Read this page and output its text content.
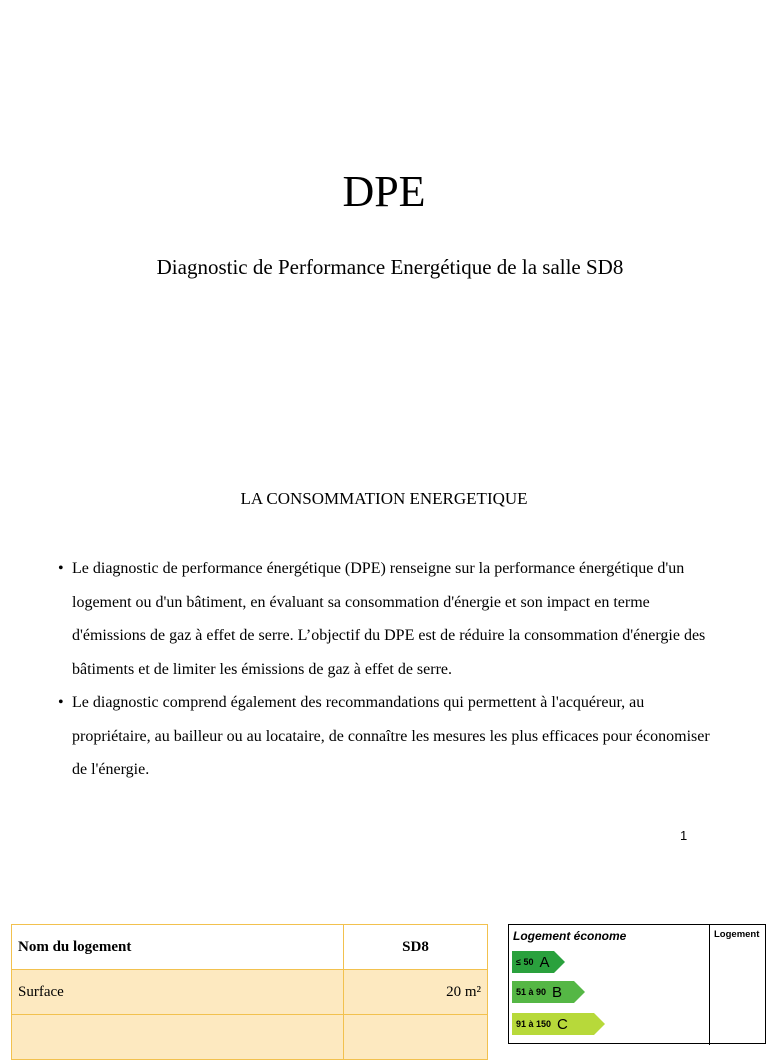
DPE
Diagnostic de Performance Energétique de la salle SD8
LA CONSOMMATION ENERGETIQUE
• Le diagnostic de performance énergétique (DPE) renseigne sur la performance énergétique d'un logement ou d'un bâtiment, en évaluant sa consommation d'énergie et son impact en terme d'émissions de gaz à effet de serre. L’objectif du DPE est de réduire la consommation d'énergie des bâtiments et de limiter les émissions de gaz à effet de serre.
• Le diagnostic comprend également des recommandations qui permettent à l'acquéreur, au propriétaire, au bailleur ou au locataire, de connaître les mesures les plus efficaces pour économiser de l'énergie.
1
Nom du logement	SD8
Surface	20 m²

Logement économe	Logement
≤ 50 A
51 à 90 B
91 à 150 C
